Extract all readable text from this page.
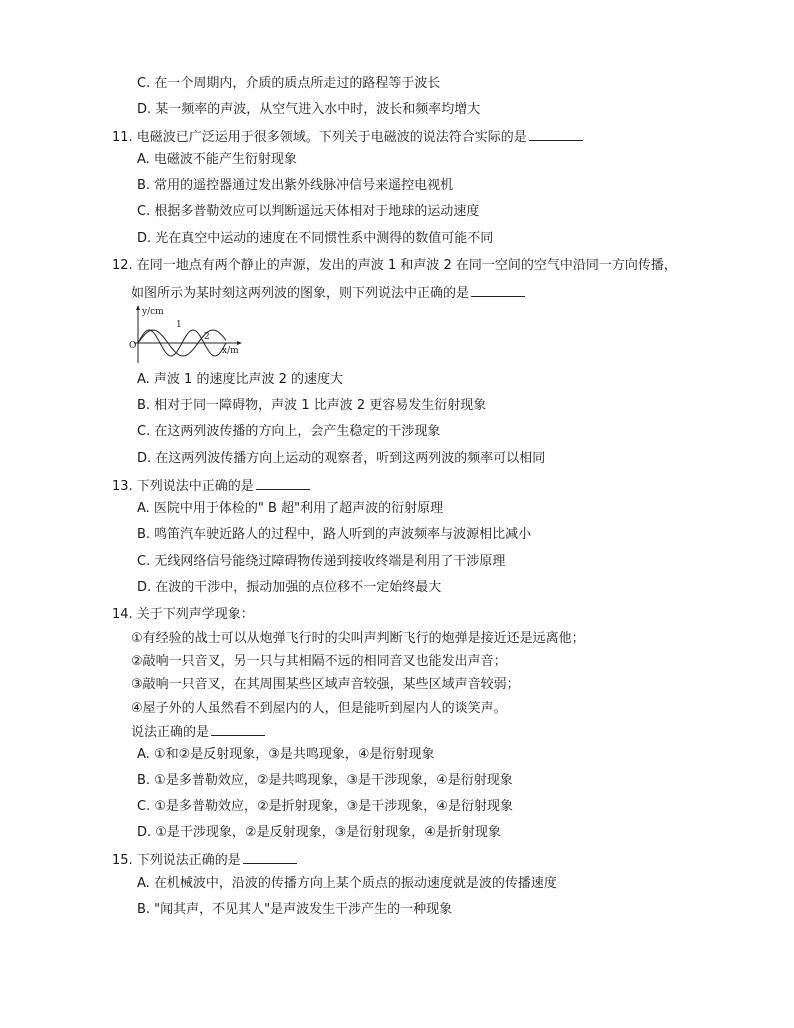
C. 在一个周期内，介质的质点所走过的路程等于波长
D. 某一频率的声波，从空气进入水中时，波长和频率均增大
11. 电磁波已广泛运用于很多领域。下列关于电磁波的说法符合实际的是
A. 电磁波不能产生衍射现象
B. 常用的遥控器通过发出紫外线脉冲信号来遥控电视机
C. 根据多普勒效应可以判断遥远天体相对于地球的运动速度
D. 光在真空中运动的速度在不同惯性系中测得的数值可能不同
12. 在同一地点有两个静止的声源，发出的声波 1 和声波 2 在同一空间的空气中沿同一方向传播，
如图所示为某时刻这两列波的图象，则下列说法中正确的是
y/cm
x/m
O
1
2
A. 声波 1 的速度比声波 2 的速度大
B. 相对于同一障碍物，声波 1 比声波 2 更容易发生衍射现象
C. 在这两列波传播的方向上，会产生稳定的干涉现象
D. 在这两列波传播方向上运动的观察者，听到这两列波的频率可以相同
13. 下列说法中正确的是
A. 医院中用于体检的" B 超"利用了超声波的衍射原理
B. 鸣笛汽车驶近路人的过程中，路人听到的声波频率与波源相比减小
C. 无线网络信号能绕过障碍物传递到接收终端是利用了干涉原理
D. 在波的干涉中，振动加强的点位移不一定始终最大
14. 关于下列声学现象：
①有经验的战士可以从炮弹飞行时的尖叫声判断飞行的炮弹是接近还是远离他；
②敲响一只音叉，另一只与其相隔不远的相同音叉也能发出声音；
③敲响一只音叉，在其周围某些区域声音较强，某些区域声音较弱；
④屋子外的人虽然看不到屋内的人，但是能听到屋内人的谈笑声。
说法正确的是
A. ①和②是反射现象，③是共鸣现象，④是衍射现象
B. ①是多普勒效应，②是共鸣现象，③是干涉现象，④是衍射现象
C. ①是多普勒效应，②是折射现象，③是干涉现象，④是衍射现象
D. ①是干涉现象，②是反射现象，③是衍射现象，④是折射现象
15. 下列说法正确的是
A. 在机械波中，沿波的传播方向上某个质点的振动速度就是波的传播速度
B. "闻其声，不见其人"是声波发生干涉产生的一种现象
